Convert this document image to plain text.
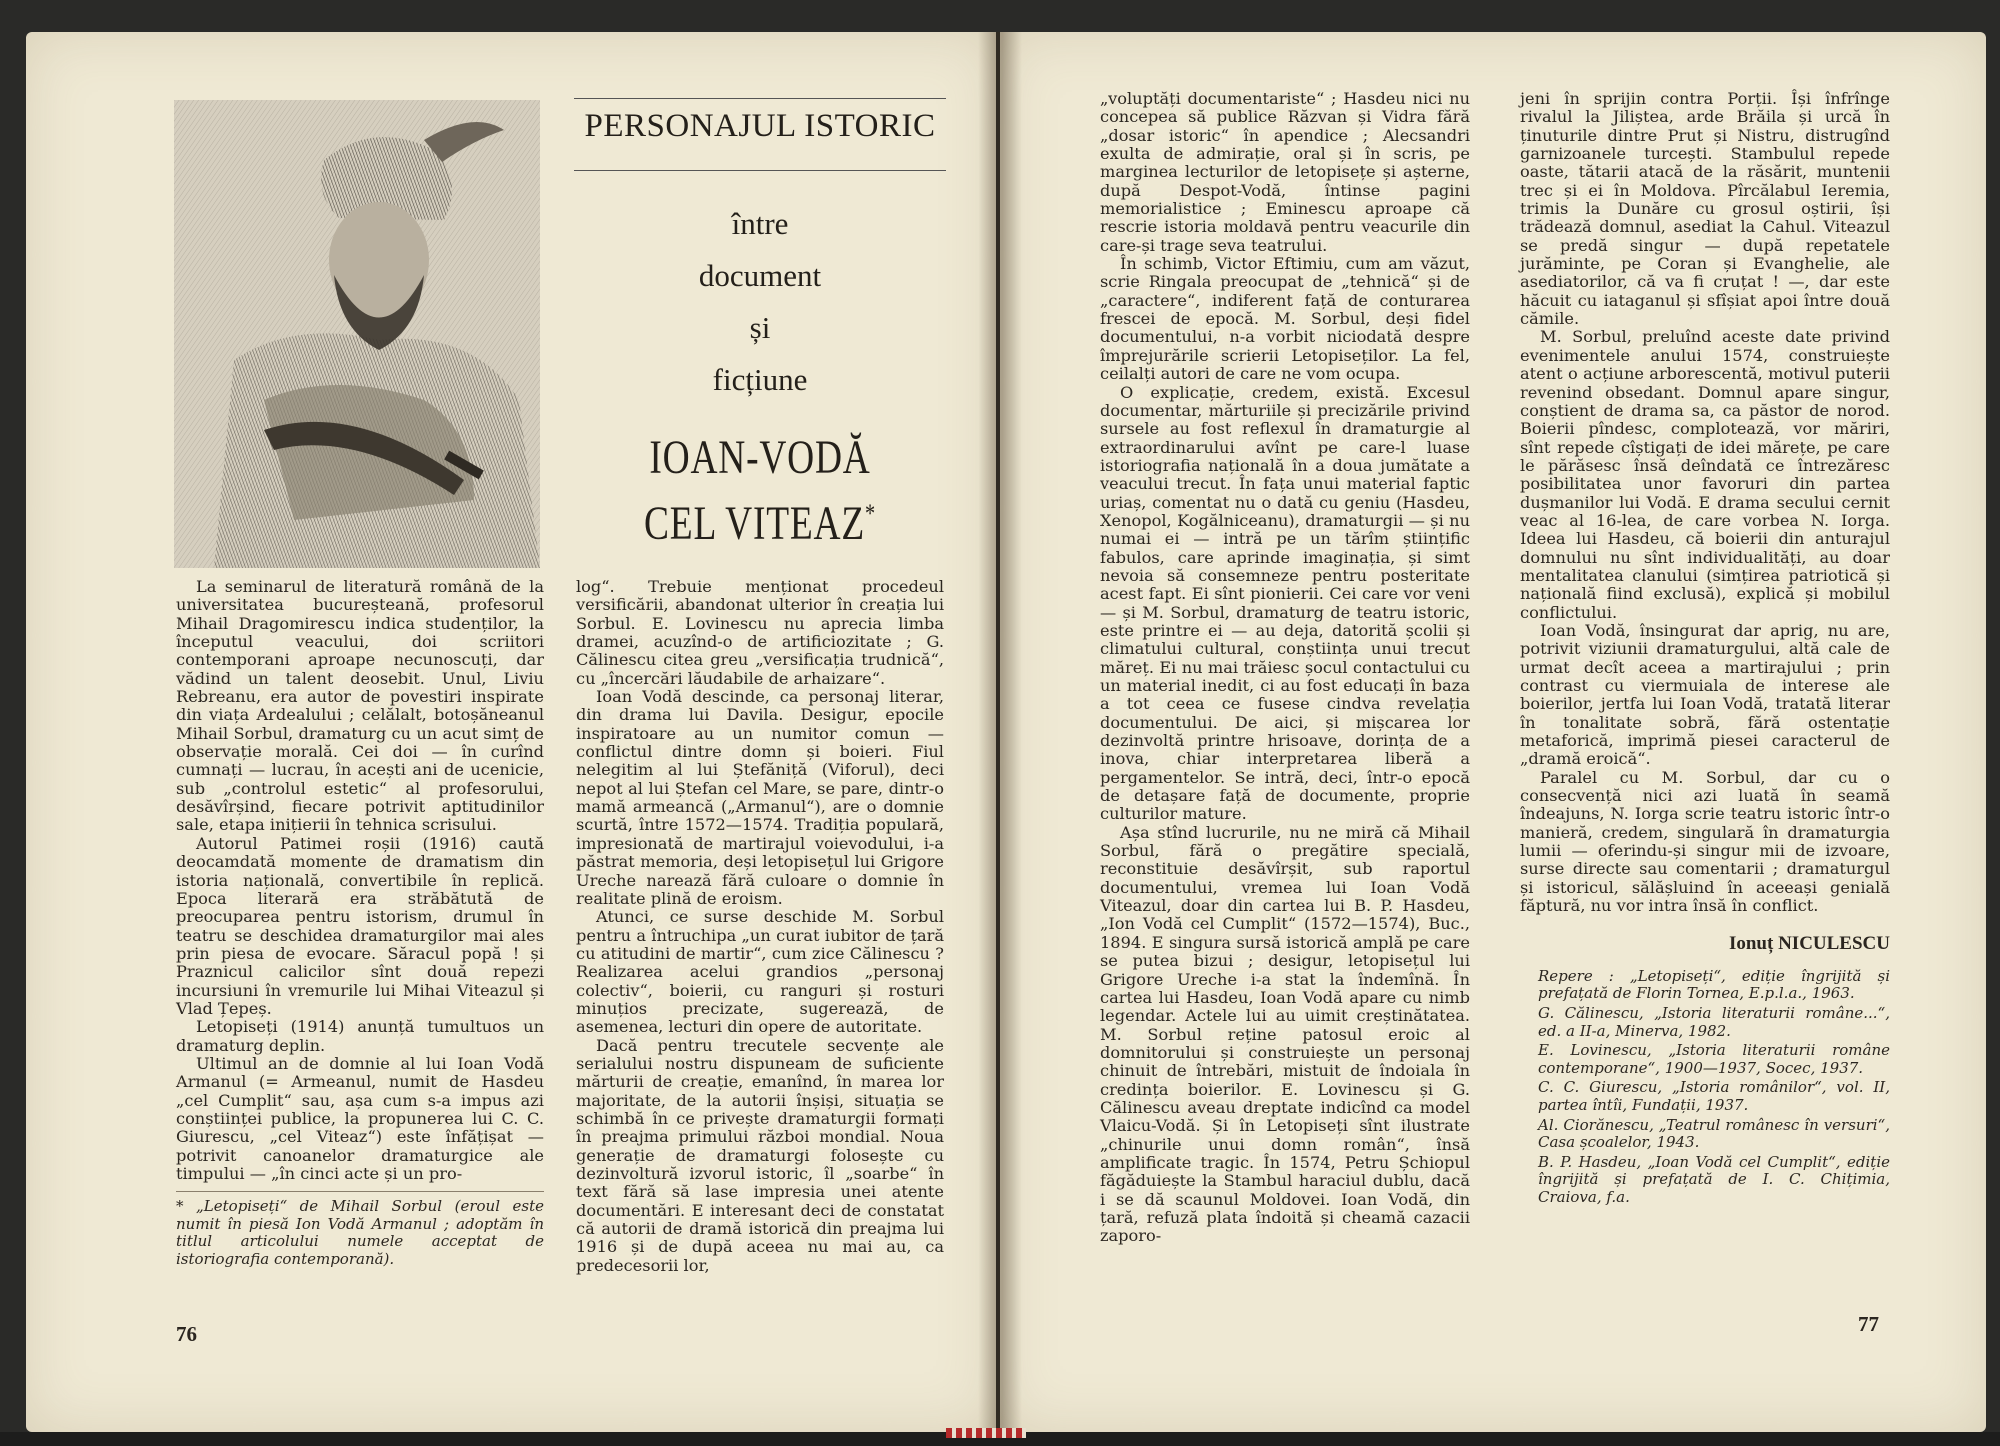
PERSONAJUL ISTORIC
între
document
și
ficțiune
IOAN-VODĂ
CEL VITEAZ*

La seminarul de literatură română de la universitatea bucureșteană, profesorul Mihail Dragomirescu indica studenților, la începutul veacului, doi scriitori contemporani aproape necunoscuți, dar vădind un talent deosebit. Unul, Liviu Rebreanu, era autor de povestiri inspirate din viața Ardealului ; celălalt, botoșăneanul Mihail Sorbul, dramaturg cu un acut simț de observație morală. Cei doi — în curînd cumnați — lucrau, în acești ani de ucenicie, sub „controlul estetic“ al profesorului, desăvîrșind, fiecare potrivit aptitudinilor sale, etapa inițierii în tehnica scrisului.

Autorul Patimei roșii (1916) caută deocamdată momente de dramatism din istoria națională, convertibile în replică. Epoca literară era străbătută de preocuparea pentru istorism, drumul în teatru se deschidea dramaturgilor mai ales prin piesa de evocare. Săracul popă ! și Praznicul calicilor sînt două repezi incursiuni în vremurile lui Mihai Viteazul și Vlad Țepeș.

Letopiseți (1914) anunță tumultuos un dramaturg deplin.

Ultimul an de domnie al lui Ioan Vodă Armanul (= Armeanul, numit de Hasdeu „cel Cumplit“ sau, așa cum s-a impus azi conștiinței publice, la propunerea lui C. C. Giurescu, „cel Viteaz“) este înfățișat — potrivit canoanelor dramaturgice ale timpului — „în cinci acte și un pro-

* „Letopiseți“ de Mihail Sorbul (eroul este numit în piesă Ion Vodă Armanul ; adoptăm în titlul articolului numele acceptat de istoriografia contemporană).

log“. Trebuie menționat procedeul versificării, abandonat ulterior în creația lui Sorbul. E. Lovinescu nu aprecia limba dramei, acuzînd-o de artificiozitate ; G. Călinescu citea greu „versificația trudnică“, cu „încercări lăudabile de arhaizare“.

Ioan Vodă descinde, ca personaj literar, din drama lui Davila. Desigur, epocile inspiratoare au un numitor comun — conflictul dintre domn și boieri. Fiul nelegitim al lui Ștefăniță (Viforul), deci nepot al lui Ștefan cel Mare, se pare, dintr-o mamă armeancă („Armanul“), are o domnie scurtă, între 1572—1574. Tradiția populară, impresionată de martirajul voievodului, i-a păstrat memoria, deși letopisețul lui Grigore Ureche narează fără culoare o domnie în realitate plină de eroism.

Atunci, ce surse deschide M. Sorbul pentru a întruchipa „un curat iubitor de țară cu atitudini de martir“, cum zice Călinescu ? Realizarea acelui grandios „personaj colectiv“, boierii, cu ranguri și rosturi minuțios precizate, sugerează, de asemenea, lecturi din opere de autoritate.

Dacă pentru trecutele secvențe ale serialului nostru dispuneam de suficiente mărturii de creație, emanînd, în marea lor majoritate, de la autorii înșiși, situația se schimbă în ce privește dramaturgii formați în preajma primului război mondial. Noua generație de dramaturgi folosește cu dezinvoltură izvorul istoric, îl „soarbe“ în text fără să lase impresia unei atente documentări. E interesant deci de constatat că autorii de dramă istorică din preajma lui 1916 și de după aceea nu mai au, ca predecesorii lor,

„voluptăți documentariste“ ; Hasdeu nici nu concepea să publice Răzvan și Vidra fără „dosar istoric“ în apendice ; Alecsandri exulta de admirație, oral și în scris, pe marginea lecturilor de letopisețe și așterne, după Despot-Vodă, întinse pagini memorialistice ; Eminescu aproape că rescrie istoria moldavă pentru veacurile din care-și trage seva teatrului.

În schimb, Victor Eftimiu, cum am văzut, scrie Ringala preocupat de „tehnică“ și de „caractere“, indiferent față de conturarea frescei de epocă. M. Sorbul, deși fidel documentului, n-a vorbit niciodată despre împrejurările scrierii Letopiseților. La fel, ceilalți autori de care ne vom ocupa.

O explicație, credem, există. Excesul documentar, mărturiile și precizările privind sursele au fost reflexul în dramaturgie al extraordinarului avînt pe care-l luase istoriografia națională în a doua jumătate a veacului trecut. În fața unui material faptic uriaș, comentat nu o dată cu geniu (Hasdeu, Xenopol, Kogălniceanu), dramaturgii — și nu numai ei — intră pe un tărîm științific fabulos, care aprinde imaginația, și simt nevoia să consemneze pentru posteritate acest fapt. Ei sînt pionierii. Cei care vor veni — și M. Sorbul, dramaturg de teatru istoric, este printre ei — au deja, datorită școlii și climatului cultural, conștiința unui trecut măreț. Ei nu mai trăiesc șocul contactului cu un material inedit, ci au fost educați în baza a tot ceea ce fusese cindva revelația documentului. De aici, și mișcarea lor dezinvoltă printre hrisoave, dorința de a inova, chiar interpretarea liberă a pergamentelor. Se intră, deci, într-o epocă de detașare față de documente, proprie culturilor mature.

Așa stînd lucrurile, nu ne miră că Mihail Sorbul, fără o pregătire specială, reconstituie desăvîrșit, sub raportul documentului, vremea lui Ioan Vodă Viteazul, doar din cartea lui B. P. Hasdeu, „Ion Vodă cel Cumplit“ (1572—1574), Buc., 1894. E singura sursă istorică amplă pe care se putea bizui ; desigur, letopisețul lui Grigore Ureche i-a stat la îndemînă. În cartea lui Hasdeu, Ioan Vodă apare cu nimb legendar. Actele lui au uimit creștinătatea. M. Sorbul reține patosul eroic al domnitorului și construiește un personaj chinuit de întrebări, mistuit de îndoiala în credința boierilor. E. Lovinescu și G. Călinescu aveau dreptate indicînd ca model Vlaicu-Vodă. Și în Letopiseți sînt ilustrate „chinurile unui domn român“, însă amplificate tragic. În 1574, Petru Șchiopul făgăduiește la Stambul haraciul dublu, dacă i se dă scaunul Moldovei. Ioan Vodă, din țară, refuză plata îndoită și cheamă cazacii zaporo-

jeni în sprijin contra Porții. Își înfrînge rivalul la Jiliștea, arde Brăila și urcă în ținuturile dintre Prut și Nistru, distrugînd garnizoanele turcești. Stambulul repede oaste, tătarii atacă de la răsărit, muntenii trec și ei în Moldova. Pîrcălabul Ieremia, trimis la Dunăre cu grosul oștirii, își trădează domnul, asediat la Cahul. Viteazul se predă singur — după repetatele jurăminte, pe Coran și Evanghelie, ale asediatorilor, că va fi cruțat ! —, dar este hăcuit cu iataganul și sfîșiat apoi între două cămile.

M. Sorbul, preluînd aceste date privind evenimentele anului 1574, construiește atent o acțiune arborescentă, motivul puterii revenind obsedant. Domnul apare singur, conștient de drama sa, ca păstor de norod. Boierii pîndesc, complotează, vor măriri, sînt repede cîștigați de idei mărețe, pe care le părăsesc însă deîndată ce întrezăresc posibilitatea unor favoruri din partea dușmanilor lui Vodă. E drama secului cernit veac al 16-lea, de care vorbea N. Iorga. Ideea lui Hasdeu, că boierii din anturajul domnului nu sînt individualități, au doar mentalitatea clanului (simțirea patriotică și națională fiind exclusă), explică și mobilul conflictului.

Ioan Vodă, însingurat dar aprig, nu are, potrivit viziunii dramaturgului, altă cale de urmat decît aceea a martirajului ; prin contrast cu viermuiala de interese ale boierilor, jertfa lui Ioan Vodă, tratată literar în tonalitate sobră, fără ostentație metaforică, imprimă piesei caracterul de „dramă eroică“.

Paralel cu M. Sorbul, dar cu o consecvență nici azi luată în seamă îndeajuns, N. Iorga scrie teatru istoric într-o manieră, credem, singulară în dramaturgia lumii — oferindu-și singur mii de izvoare, surse directe sau comentarii ; dramaturgul și istoricul, sălășluind în aceeași genială făptură, nu vor intra însă în conflict.

Ionuț NICULESCU

Repere : „Letopiseți“, ediție îngrijită și prefațată de Florin Tornea, E.p.l.a., 1963.

G. Călinescu, „Istoria literaturii române...“, ed. a II-a, Minerva, 1982.

E. Lovinescu, „Istoria literaturii române contemporane“, 1900—1937, Socec, 1937.

C. C. Giurescu, „Istoria românilor“, vol. II, partea întîi, Fundații, 1937.

Al. Ciorănescu, „Teatrul românesc în versuri“, Casa școalelor, 1943.

B. P. Hasdeu, „Ioan Vodă cel Cumplit“, ediție îngrijită și prefațată de I. C. Chițimia, Craiova, f.a.

76	77
